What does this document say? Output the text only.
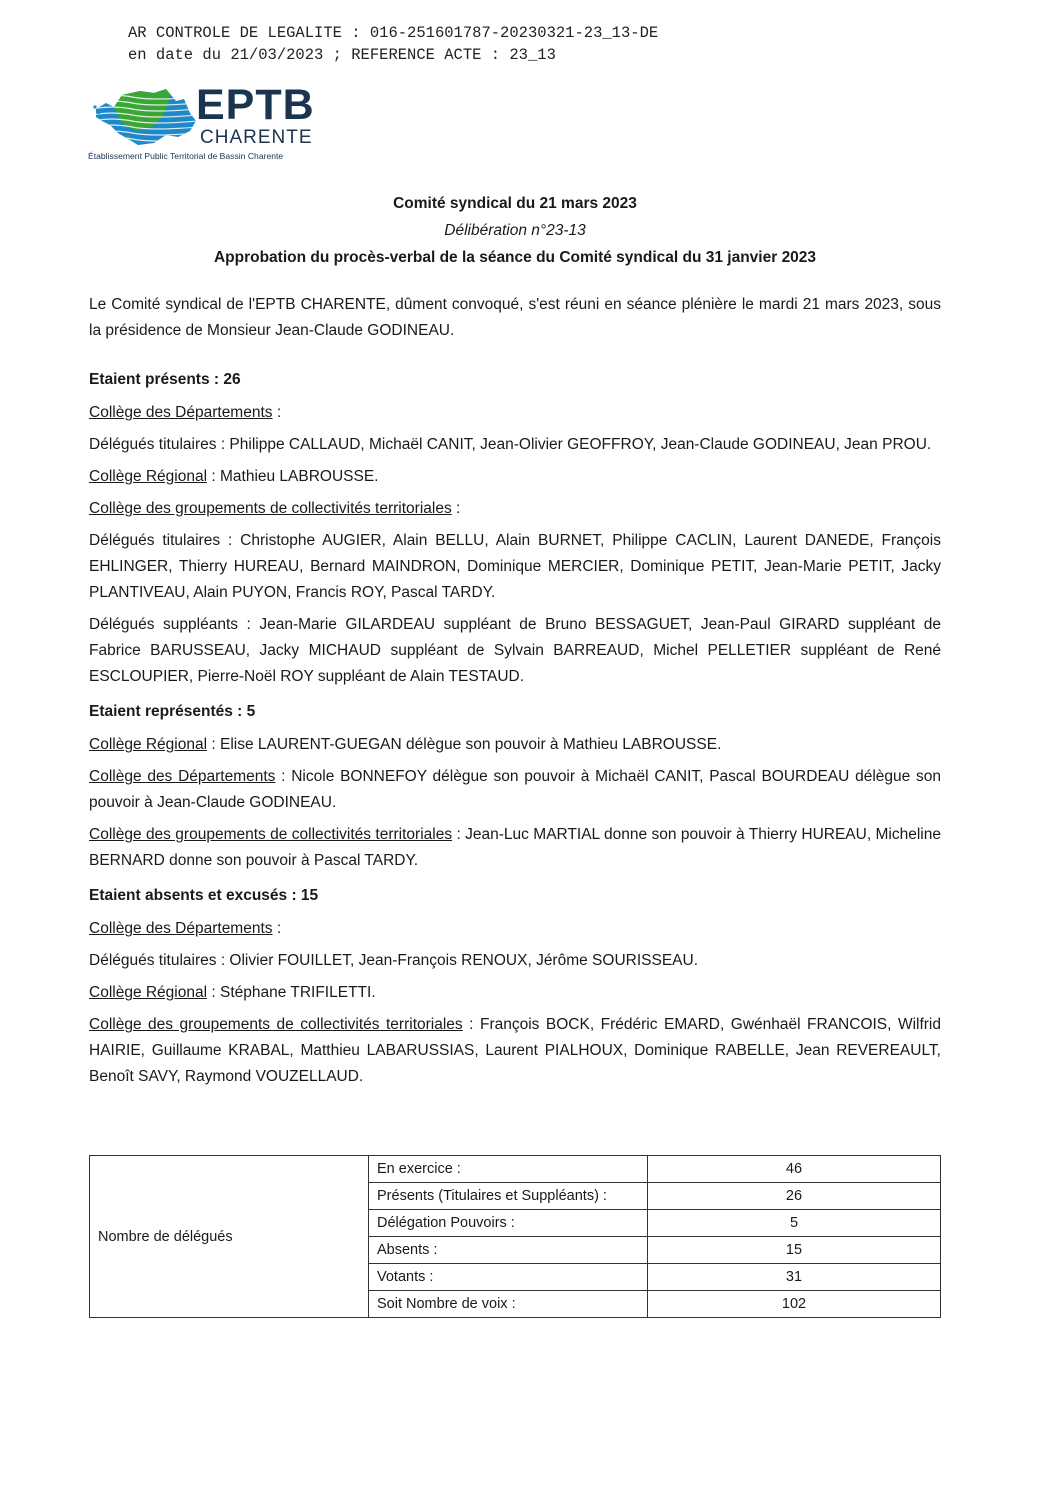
AR CONTROLE DE LEGALITE : 016-251601787-20230321-23_13-DE
en date du 21/03/2023 ; REFERENCE ACTE : 23_13
EPTB
CHARENTE
Établissement Public Territorial de Bassin Charente
Comité syndical du 21 mars 2023
Délibération n°23-13
Approbation du procès-verbal de la séance du Comité syndical du 31 janvier 2023

Le Comité syndical de l'EPTB CHARENTE, dûment convoqué, s'est réuni en séance plénière le mardi 21 mars 2023, sous la présidence de Monsieur Jean-Claude GODINEAU.

Etaient présents : 26

Collège des Départements :

Délégués titulaires : Philippe CALLAUD, Michaël CANIT, Jean-Olivier GEOFFROY, Jean-Claude GODINEAU, Jean PROU.

Collège Régional : Mathieu LABROUSSE.

Collège des groupements de collectivités territoriales :

Délégués titulaires : Christophe AUGIER, Alain BELLU, Alain BURNET, Philippe CACLIN, Laurent DANEDE, François EHLINGER, Thierry HUREAU, Bernard MAINDRON, Dominique MERCIER, Dominique PETIT, Jean-Marie PETIT, Jacky PLANTIVEAU, Alain PUYON, Francis ROY, Pascal TARDY.

Délégués suppléants : Jean-Marie GILARDEAU suppléant de Bruno BESSAGUET, Jean-Paul GIRARD suppléant de Fabrice BARUSSEAU, Jacky MICHAUD suppléant de Sylvain BARREAUD, Michel PELLETIER suppléant de René ESCLOUPIER, Pierre-Noël ROY suppléant de Alain TESTAUD.

Etaient représentés : 5

Collège Régional : Elise LAURENT-GUEGAN délègue son pouvoir à Mathieu LABROUSSE.

Collège des Départements : Nicole BONNEFOY délègue son pouvoir à Michaël CANIT, Pascal BOURDEAU délègue son pouvoir à Jean-Claude GODINEAU.

Collège des groupements de collectivités territoriales : Jean-Luc MARTIAL donne son pouvoir à Thierry HUREAU, Micheline BERNARD donne son pouvoir à Pascal TARDY.

Etaient absents et excusés : 15

Collège des Départements :

Délégués titulaires : Olivier FOUILLET, Jean-François RENOUX, Jérôme SOURISSEAU.

Collège Régional : Stéphane TRIFILETTI.

Collège des groupements de collectivités territoriales : François BOCK, Frédéric EMARD, Gwénhaël FRANCOIS, Wilfrid HAIRIE, Guillaume KRABAL, Matthieu LABARUSSIAS, Laurent PIALHOUX, Dominique RABELLE, Jean REVEREAULT, Benoît SAVY, Raymond VOUZELLAUD.

Nombre de délégués	En exercice :	46
	Présents (Titulaires et Suppléants) :	26
	Délégation Pouvoirs :	5
	Absents :	15
	Votants :	31
	Soit Nombre de voix :	102
